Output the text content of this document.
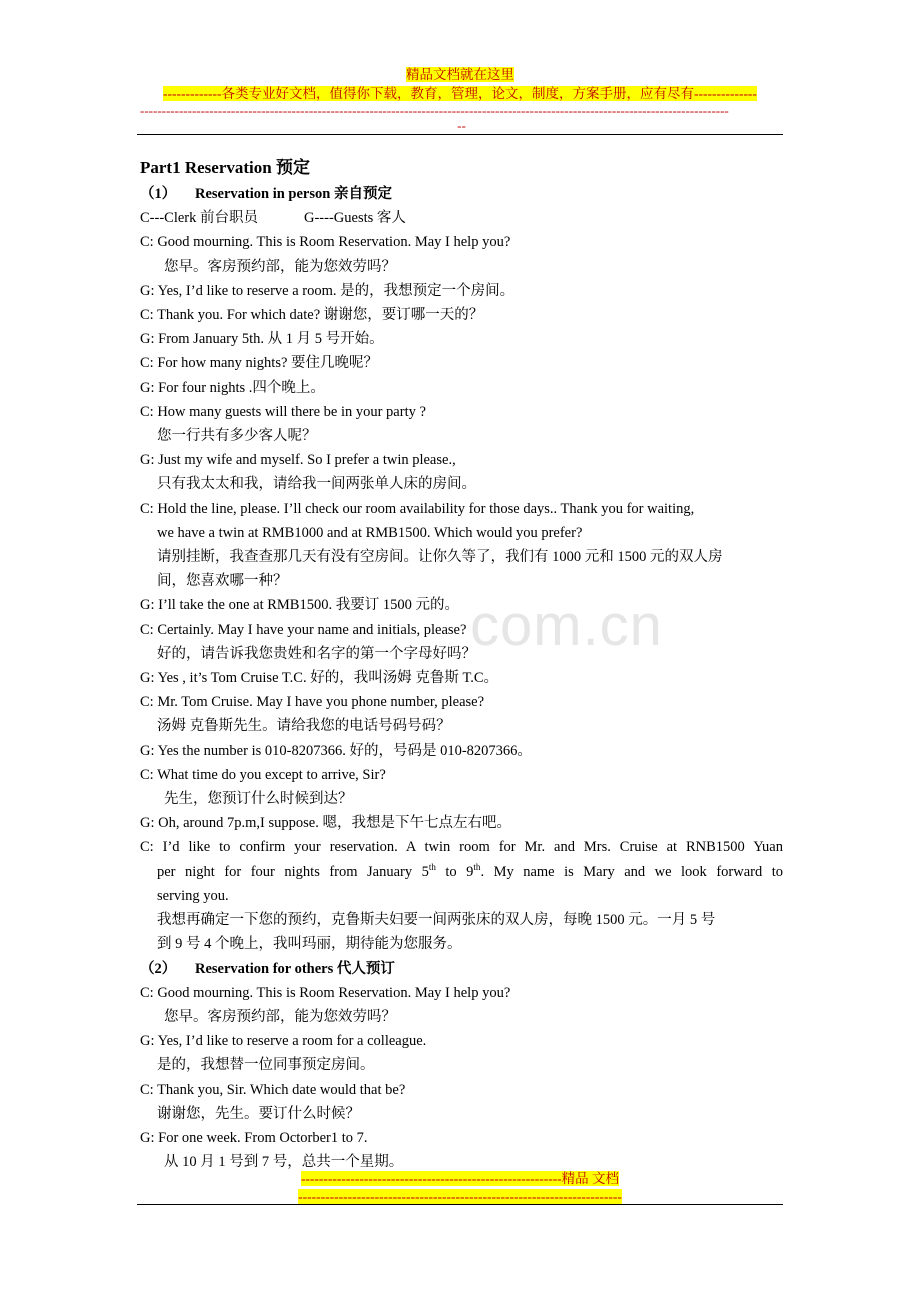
精品文档就在这里
-------------各类专业好文档，值得你下载，教育，管理，论文，制度，方案手册，应有尽有--------------
----------------------------------------------------------------------------------------------------------------------------------------
--
com.cn
Part1 Reservation 预定
（1） Reservation in person 亲自预定
C---Clerk 前台职员	G----Guests 客人
C: Good mourning. This is Room Reservation. May I help you?
您早。客房预约部，能为您效劳吗？
G: Yes, I’d like to reserve a room. 是的，我想预定一个房间。
C: Thank you. For which date? 谢谢您，要订哪一天的？
G: From January 5th. 从 1 月 5 号开始。
C: For how many nights? 要住几晚呢？
G: For four nights .四个晚上。
C: How many guests will there be in your party ?
您一行共有多少客人呢？
G: Just my wife and myself. So I prefer a twin please.,
只有我太太和我，请给我一间两张单人床的房间。
C: Hold the line, please. I’ll check our room availability for those days.. Thank you for waiting,
we have a twin at RMB1000 and at RMB1500. Which would you prefer?
请别挂断，我查查那几天有没有空房间。让你久等了，我们有 1000 元和 1500 元的双人房
间，您喜欢哪一种？
G: I’ll take the one at RMB1500. 我要订 1500 元的。
C: Certainly. May I have your name and initials, please?
好的，请告诉我您贵姓和名字的第一个字母好吗？
G: Yes , it’s Tom Cruise T.C. 好的，我叫汤姆 克鲁斯 T.C。
C: Mr. Tom Cruise. May I have you phone number, please?
汤姆 克鲁斯先生。请给我您的电话号码号码？
G: Yes the number is 010-8207366. 好的，号码是 010-8207366。
C: What time do you except to arrive, Sir?
先生，您预订什么时候到达？
G: Oh, around 7p.m,I suppose. 嗯，我想是下午七点左右吧。
C: I’d like to confirm your reservation. A twin room for Mr. and Mrs. Cruise at RNB1500 Yuan
per night for four nights from January 5th to 9th. My name is Mary and we look forward to
serving you.
我想再确定一下您的预约，克鲁斯夫妇要一间两张床的双人房，每晚 1500 元。一月 5 号
到 9 号 4 个晚上，我叫玛丽，期待能为您服务。
（2） Reservation for others 代人预订
C: Good mourning. This is Room Reservation. May I help you?
您早。客房预约部，能为您效劳吗？
G: Yes, I’d like to reserve a room for a colleague.
是的，我想替一位同事预定房间。
C: Thank you, Sir. Which date would that be?
谢谢您，先生。要订什么时候？
G: For one week. From Octorber1 to 7.
从 10 月 1 号到 7 号，总共一个星期。
----------------------------------------------------------精品 文档
------------------------------------------------------------------------
